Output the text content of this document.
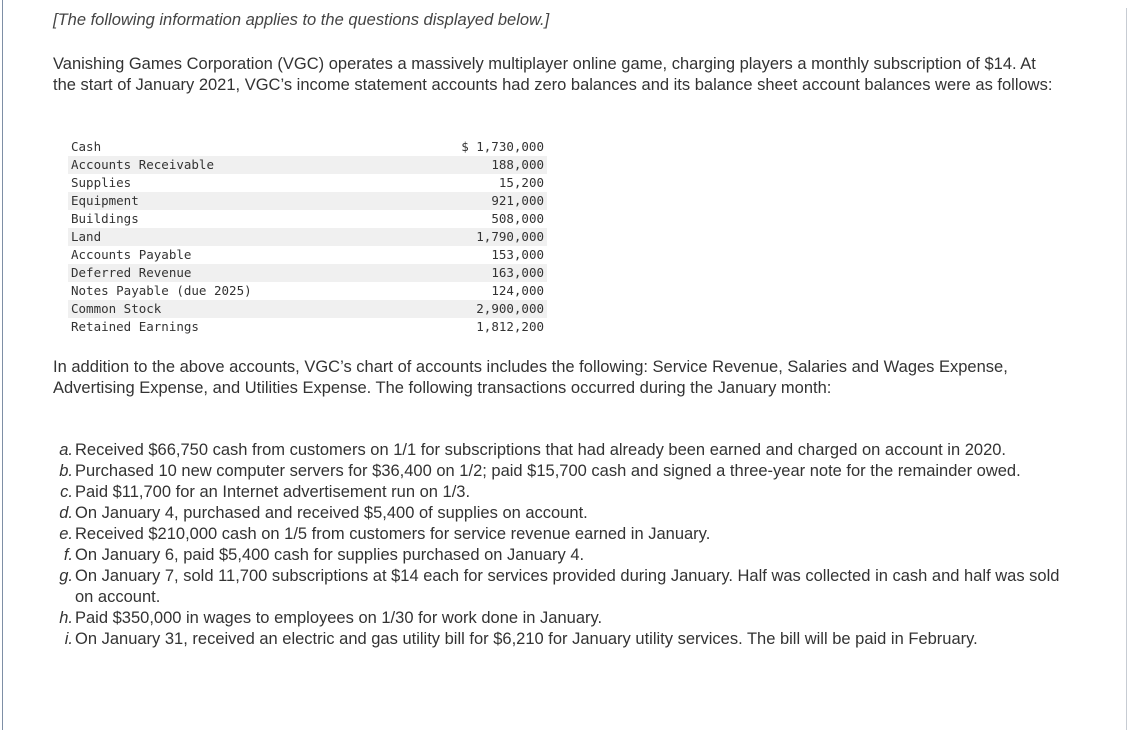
[The following information applies to the questions displayed below.]

Vanishing Games Corporation (VGC) operates a massively multiplayer online game, charging players a monthly subscription of $14. At the start of January 2021, VGC’s income statement accounts had zero balances and its balance sheet account balances were as follows:

Cash	$ 1,730,000
Accounts Receivable	188,000
Supplies	15,200
Equipment	921,000
Buildings	508,000
Land	1,790,000
Accounts Payable	153,000
Deferred Revenue	163,000
Notes Payable (due 2025)	124,000
Common Stock	2,900,000
Retained Earnings	1,812,200

In addition to the above accounts, VGC’s chart of accounts includes the following: Service Revenue, Salaries and Wages Expense, Advertising Expense, and Utilities Expense. The following transactions occurred during the January month:

a. Received $66,750 cash from customers on 1/1 for subscriptions that had already been earned and charged on account in 2020.
b. Purchased 10 new computer servers for $36,400 on 1/2; paid $15,700 cash and signed a three-year note for the remainder owed.
c. Paid $11,700 for an Internet advertisement run on 1/3.
d. On January 4, purchased and received $5,400 of supplies on account.
e. Received $210,000 cash on 1/5 from customers for service revenue earned in January.
f. On January 6, paid $5,400 cash for supplies purchased on January 4.
g. On January 7, sold 11,700 subscriptions at $14 each for services provided during January. Half was collected in cash and half was sold on account.
h. Paid $350,000 in wages to employees on 1/30 for work done in January.
i. On January 31, received an electric and gas utility bill for $6,210 for January utility services. The bill will be paid in February.
